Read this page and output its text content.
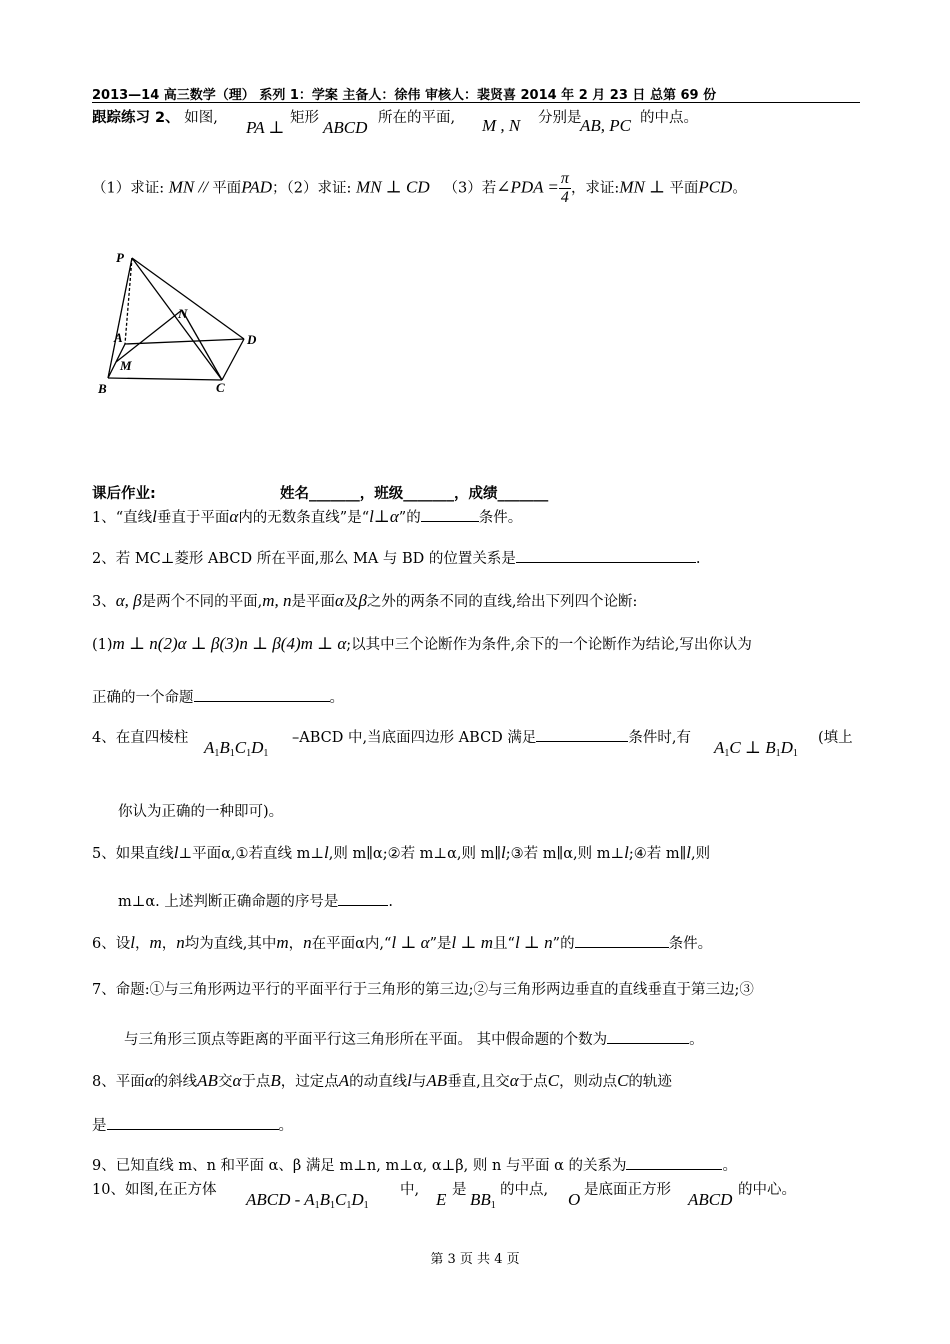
2013—14 高三数学（理） 系列 1：学案 主备人：徐伟 审核人：裴贤喜 2014 年 2 月 23 日 总第 69 份
跟踪练习 2、 如图, PA ⊥ 矩形 ABCD 所在的平面, M , N 分别是
AB, PC 的中点。
（1）求证: MN // 平面PAD；（2）求证: MN ⊥ CD （3）若∠PDA = $\frac{\pi}{4}$ ，求证:MN ⊥ 平面PCD。
P
N
A	D
M
B	C
课后作业:	姓名_______，班级_______，成绩_______
1、“直线l垂直于平面α内的无数条直线”是“l⊥α”的	条件。
2、若 MC⊥菱形 ABCD 所在平面,那么 MA 与 BD 的位置关系是	.
3、α, β是两个不同的平面,m, n是平面α及β之外的两条不同的直线,给出下列四个论断:
(1)m ⊥ n(2)α ⊥ β(3)n ⊥ β(4)m ⊥ α;以其中三个论断作为条件,余下的一个论断作为结论,写出你认为
正确的一个命题	。
4、在直四棱柱 $A_1B_1C_1D_1$
–ABCD 中,当底面四边形 ABCD 满足	条件时,有 $A_1C$ ⊥ $B_1D_1$
(填上
你认为正确的一种即可)。
5、如果直线l⊥平面α,①若直线 m⊥l,则 m∥α;②若 m⊥α,则 m∥l;③若 m∥α,则 m⊥l;④若 m∥l,则
m⊥α. 上述判断正确命题的序号是	.
6、设l，m，n均为直线,其中m，n在平面α内,“l ⊥ α”是l ⊥ m且“l ⊥ n”的	条件。
7、命题:①与三角形两边平行的平面平行于三角形的第三边;②与三角形两边垂直的直线垂直于第三边;③
与三角形三顶点等距离的平面平行这三角形所在平面。 其中假命题的个数为	。
8、平面α的斜线AB交α于点B，过定点A的动直线l与AB垂直,且交α于点C，则动点C的轨迹
是	。
9、已知直线 m、n 和平面 α、β 满足 m⊥n, m⊥α, α⊥β, 则 n 与平面 α 的关系为	。
10、如图,在正方体 ABCD - $A_1B_1C_1D_1$
中, E 是 $BB_1$
的中点, O 是底面正方形 ABCD 的中心。
第 3 页 共 4 页
